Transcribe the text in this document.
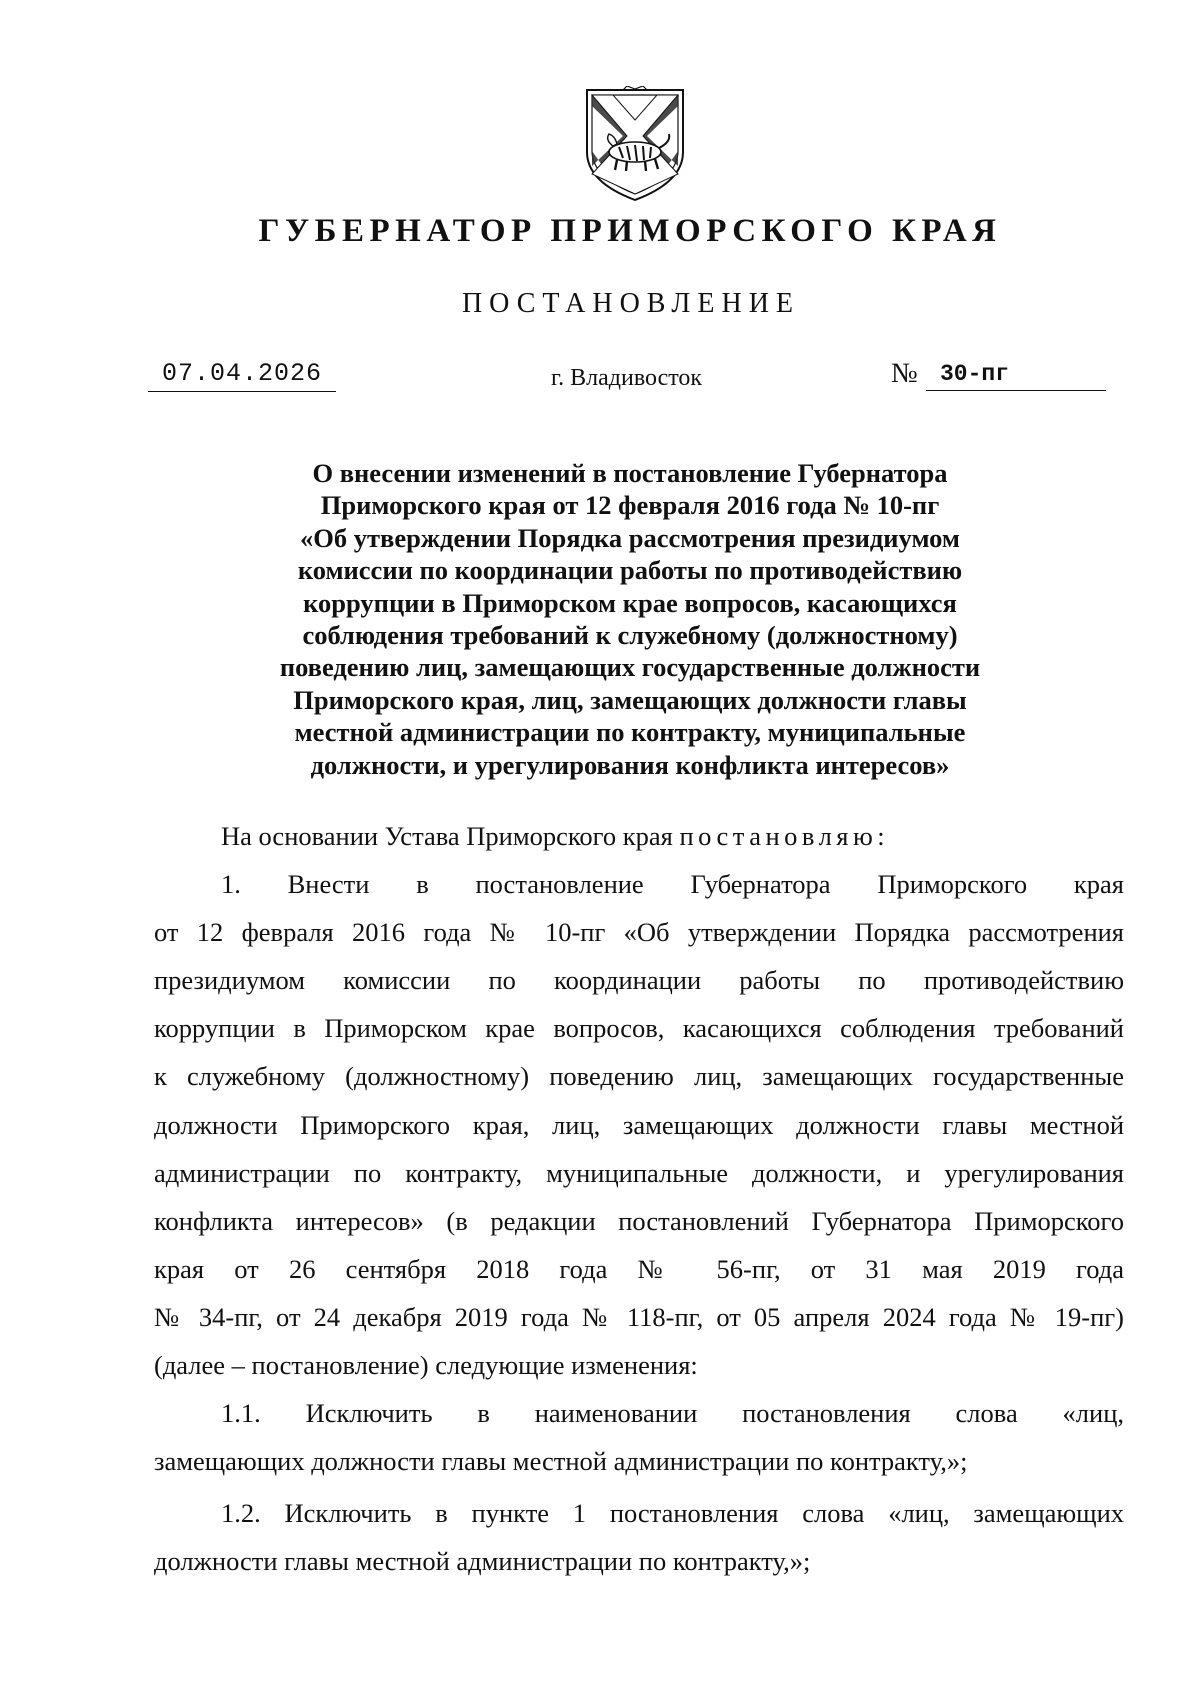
ГУБЕРНАТОР ПРИМОРСКОГО КРАЯ
ПОСТАНОВЛЕНИЕ
07.04.2026	г. Владивосток	№ 30-пг
О внесении изменений в постановление Губернатора
Приморского края от 12 февраля 2016 года № 10-пг
«Об утверждении Порядка рассмотрения президиумом
комиссии по координации работы по противодействию
коррупции в Приморском крае вопросов, касающихся
соблюдения требований к служебному (должностному)
поведению лиц, замещающих государственные должности
Приморского края, лиц, замещающих должности главы
местной администрации по контракту, муниципальные
должности, и урегулирования конфликта интересов»
На основании Устава Приморского края постановляю:
1. Внести в постановление Губернатора Приморского края
от 12 февраля 2016 года № 10-пг «Об утверждении Порядка рассмотрения
президиумом комиссии по координации работы по противодействию
коррупции в Приморском крае вопросов, касающихся соблюдения требований
к служебному (должностному) поведению лиц, замещающих государственные
должности Приморского края, лиц, замещающих должности главы местной
администрации по контракту, муниципальные должности, и урегулирования
конфликта интересов» (в редакции постановлений Губернатора Приморского
края от 26 сентября 2018 года № 56-пг, от 31 мая 2019 года
№ 34-пг, от 24 декабря 2019 года № 118-пг, от 05 апреля 2024 года № 19-пг)
(далее – постановление) следующие изменения:
1.1. Исключить в наименовании постановления слова «лиц,
замещающих должности главы местной администрации по контракту,»;
1.2. Исключить в пункте 1 постановления слова «лиц, замещающих
должности главы местной администрации по контракту,»;
